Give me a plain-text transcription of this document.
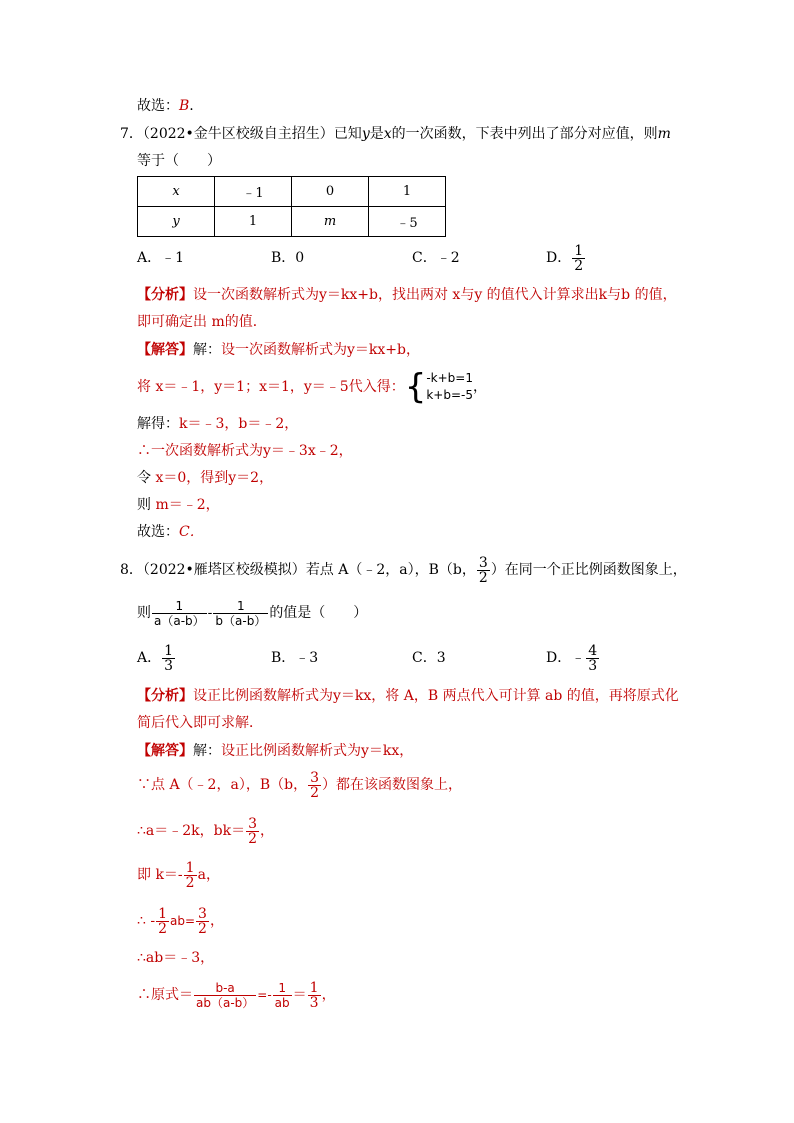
故选：B.
7．（2022•金牛区校级自主招生）已知y是x的一次函数，下表中列出了部分对应值，则m
等于（　　）
x	﹣1	0	1
y	1	m	﹣5
A．﹣1	B．0	C．﹣2	D． $\frac{1}{2}$
【分析】设一次函数解析式为y＝kx+b，找出两对 x与y 的值代入计算求出k与b 的值，
即可确定出 m的值．
【解答】解：设一次函数解析式为y＝kx+b，
将 x＝﹣1，y＝1；x＝1，y＝﹣5代入得：{ -k+b=1
k+b=-5 ，
解得：k＝﹣3，b＝﹣2，
∴一次函数解析式为y＝﹣3x﹣2，
令 x＝0，得到y＝2，
则 m＝﹣2，
故选：C．
8．（2022•雁塔区校级模拟）若点 A（﹣2，a），B（b， $\frac{3}{2}$ ）在同一个正比例函数图象上，
则 $\frac{1}{a(a-b)} - \frac{1}{b(a-b)}$ 的值是（　　）
A． $\frac{1}{3}$	B．﹣3	C．3	D．﹣ $\frac{4}{3}$
【分析】设正比例函数解析式为y＝kx，将 A，B 两点代入可计算 ab 的值，再将原式化
简后代入即可求解．
【解答】解：设正比例函数解析式为y＝kx，
∵点 A（﹣2，a），B（b， $\frac{3}{2}$ ）都在该函数图象上，
∴a＝﹣2k，$bk= \frac{3}{2}$ ，
即 $k=- \frac{1}{2}$ a，
∴ - $\frac{1}{2} ab= \frac{3}{2}$ ，
∴ab＝﹣3，
∴原式＝ $\frac{b-a}{ab(a-b)} =- \frac{1}{ab} = \frac{1}{3}$ ，
